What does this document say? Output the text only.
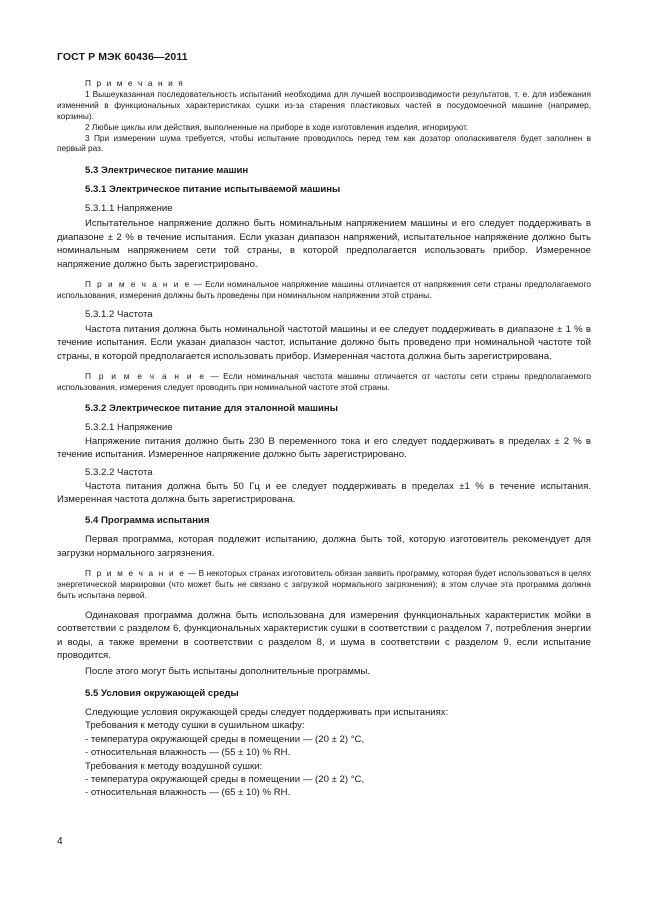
ГОСТ Р МЭК 60436—2011

П р и м е ч а н и я

1 Вышеуказанная последовательность испытаний необходима для лучшей воспроизводимости результатов, т. е. для избежания изменений в функциональных характеристиках сушки из-за старения пластиковых частей в посудомоечной машине (например, корзины).

2 Любые циклы или действия, выполненные на приборе в ходе изготовления изделия, игнорируют.

3 При измерении шума требуется, чтобы испытание проводилось перед тем как дозатор ополаскивателя будет заполнен в первый раз.

5.3 Электрическое питание машин

5.3.1 Электрическое питание испытываемой машины

5.3.1.1 Напряжение

Испытательное напряжение должно быть номинальным напряжением машины и его следует поддерживать в диапазоне ± 2 % в течение испытания. Если указан диапазон напряжений, испытательное напряжение должно быть номинальным напряжением сети той страны, в которой предполагается использовать прибор. Измеренное напряжение должно быть зарегистрировано.

П р и м е ч а н и е — Если номинальное напряжение машины отличается от напряжения сети страны предполагаемого использования, измерения должны быть проведены при номинальном напряжении этой страны.

5.3.1.2 Частота

Частота питания должна быть номинальной частотой машины и ее следует поддерживать в диапазоне ± 1 % в течение испытания. Если указан диапазон частот, испытание должно быть проведено при номинальной частоте той страны, в которой предполагается использовать прибор. Измеренная частота должна быть зарегистрирована.

П р и м е ч а н и е — Если номинальная частота машины отличается от частоты сети страны предполагаемого использования, измерения следует проводить при номинальной частоте этой страны.

5.3.2 Электрическое питание для эталонной машины

5.3.2.1 Напряжение

Напряжение питания должно быть 230 В переменного тока и его следует поддерживать в пределах ± 2 % в течение испытания. Измеренное напряжение должно быть зарегистрировано.

5.3.2.2 Частота

Частота питания должна быть 50 Гц и ее следует поддерживать в пределах ±1 % в течение испытания. Измеренная частота должна быть зарегистрирована.

5.4 Программа испытания

Первая программа, которая подлежит испытанию, должна быть той, которую изготовитель рекомендует для загрузки нормального загрязнения.

П р и м е ч а н и е — В некоторых странах изготовитель обязан заявить программу, которая будет использоваться в целях энергетической маркировки (что может быть не связано с загрузкой нормального загрязнения); в этом случае эта программа должна быть испытана первой.

Одинаковая программа должна быть использована для измерения функциональных характеристик мойки в соответствии с разделом 6, функциональных характеристик сушки в соответствии с разделом 7, потребления энергии и воды, а также времени в соответствии с разделом 8, и шума в соответствии с разделом 9, если испытание проводится.

После этого могут быть испытаны дополнительные программы.

5.5 Условия окружающей среды

Следующие условия окружающей среды следует поддерживать при испытаниях:

Требования к методу сушки в сушильном шкафу:

- температура окружающей среды в помещении — (20 ± 2) °С,

- относительная влажность — (55 ± 10) % RH.

Требования к методу воздушной сушки:

- температура окружающей среды в помещении — (20 ± 2) °С,

- относительная влажность — (65 ± 10) % RH.

4
